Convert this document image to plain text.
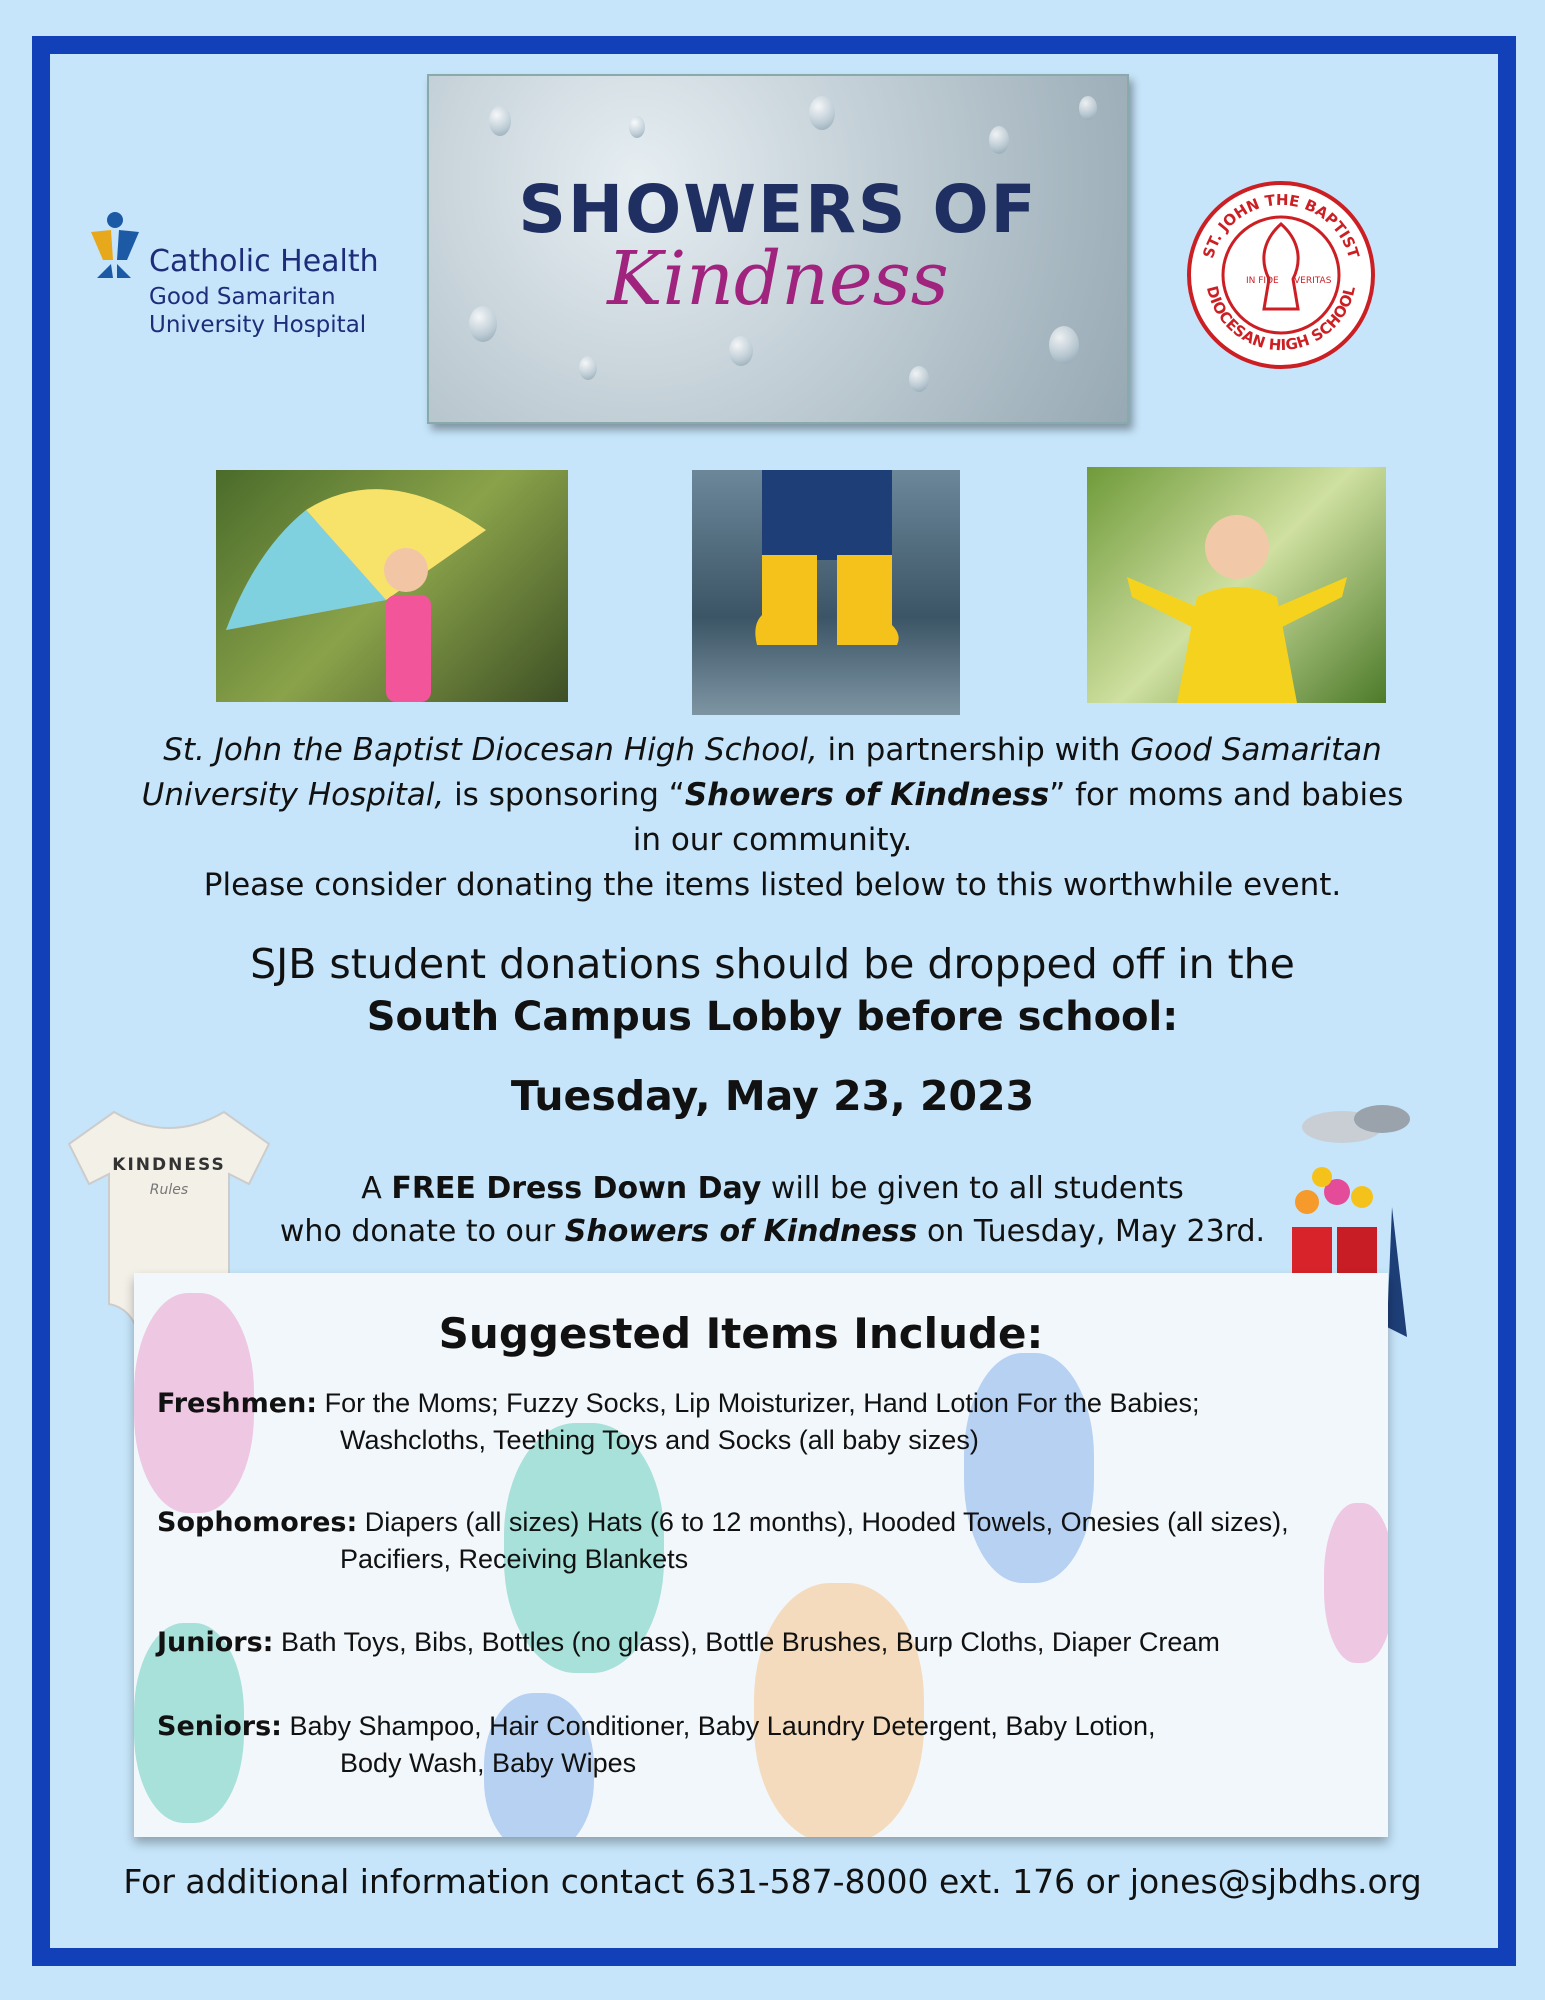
Catholic Health
Good Samaritan
University Hospital
SHOWERS OF
Kindness	ST. JOHN THE BAPTIST
DIOCESAN HIGH SCHOOL
IN FIDE VERITAS
St. John the Baptist Diocesan High School, in partnership with Good Samaritan
University Hospital, is sponsoring “Showers of Kindness” for moms and babies
in our community.
Please consider donating the items listed below to this worthwhile event.
SJB student donations should be dropped off in the
South Campus Lobby before school:
Tuesday, May 23, 2023
A FREE Dress Down Day will be given to all students
who donate to our Showers of Kindness on Tuesday, May 23rd.
KINDNESS
Rules
Suggested Items Include:
Freshmen: For the Moms; Fuzzy Socks, Lip Moisturizer, Hand Lotion For the Babies;
Washcloths, Teething Toys and Socks (all baby sizes)
Sophomores: Diapers (all sizes) Hats (6 to 12 months), Hooded Towels, Onesies (all sizes),
Pacifiers, Receiving Blankets
Juniors: Bath Toys, Bibs, Bottles (no glass), Bottle Brushes, Burp Cloths, Diaper Cream
Seniors: Baby Shampoo, Hair Conditioner, Baby Laundry Detergent, Baby Lotion,
Body Wash, Baby Wipes
For additional information contact 631-587-8000 ext. 176 or jones@sjbdhs.org
